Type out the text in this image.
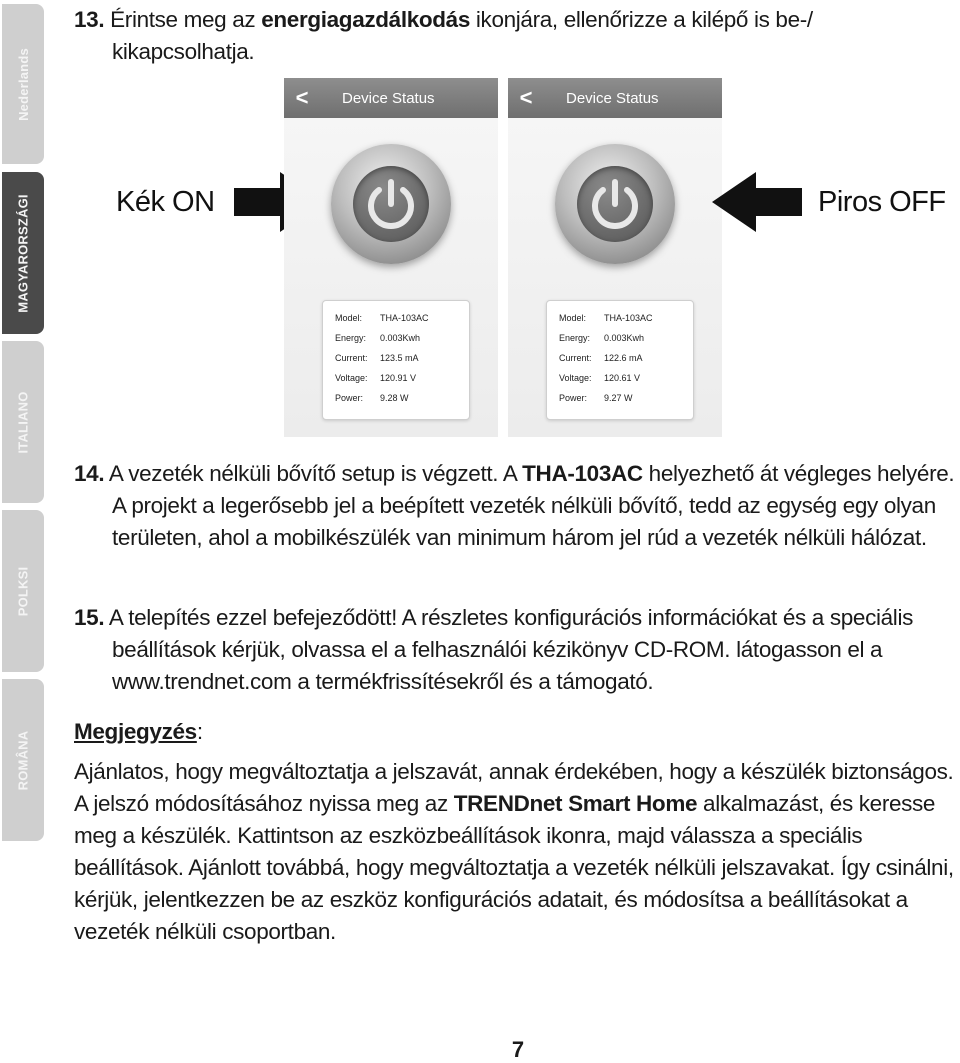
Nederlands
MAGYARORSZÁGI
ITALIANO
POLKSI
ROMÂNA
13. Érintse meg az energiagazdálkodás ikonjára, ellenőrizze a kilépő is be-/ kikapcsolhatja.
Kék ON
<	Device Status
Model:	THA-103AC
Energy:	0.003Kwh
Current:	123.5 mA
Voltage:	120.91 V
Power:	9.28 W
<	Device Status
Model:	THA-103AC
Energy:	0.003Kwh
Current:	122.6 mA
Voltage:	120.61 V
Power:	9.27 W
Piros OFF
14. A vezeték nélküli bővítő setup is végzett. A THA-103AC helyezhető át végleges helyére. A projekt a legerősebb jel a beépített vezeték nélküli bővítő, tedd az egység egy olyan területen, ahol a mobilkészülék van minimum három jel rúd a vezeték nélküli hálózat.
15. A telepítés ezzel befejeződött! A részletes konfigurációs információkat és a speciális beállítások kérjük, olvassa el a felhasználói kézikönyv CD-ROM. látogasson el a www.trendnet.com a termékfrissítésekről és a támogató.
Megjegyzés:
Ajánlatos, hogy megváltoztatja a jelszavát, annak érdekében, hogy a készülék biztonságos. A jelszó módosításához nyissa meg az TRENDnet Smart Home alkalmazást, és keresse meg a készülék. Kattintson az eszközbeállítások ikonra, majd válassza a speciális beállítások. Ajánlott továbbá, hogy megváltoztatja a vezeték nélküli jelszavakat. Így csinálni, kérjük, jelentkezzen be az eszköz konfigurációs adatait, és módosítsa a beállításokat a vezeték nélküli csoportban.
7
